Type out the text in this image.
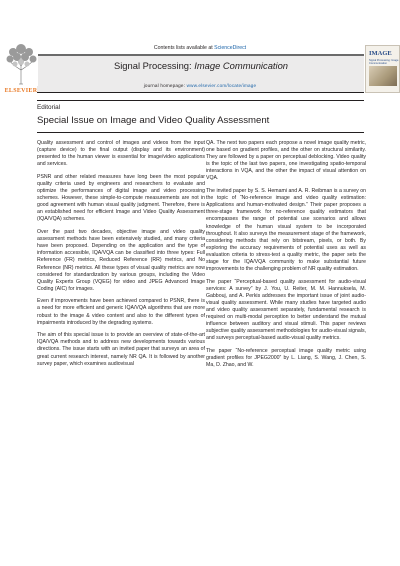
Contents lists available at ScienceDirect
Signal Processing: Image Communication
journal homepage: www.elsevier.com/locate/image
ELSEVIER
IMAGE
Signal Processing: Image Communication
Editorial
Special Issue on Image and Video Quality Assessment

Quality assessment and control of images and videos from the input (capture device) to the final output (display and its environment) presented to the human viewer is essential for image/video applications and services.

PSNR and other related measures have long been the most popular quality criteria used by engineers and researchers to evaluate and optimize the performances of digital image and video processing schemes. However, these simple-to-compute measurements are not in good agreement with human visual quality judgment. Therefore, there is an established need for efficient Image and Video Quality Assessment (IQA/VQA) schemes.

Over the past two decades, objective image and video quality assessment methods have been extensively studied, and many criteria have been proposed. Depending on the application and the type of information accessible, IQA/VQA can be classified into three types: Full Reference (FR) metrics, Reduced Reference (RR) metrics, and No Reference (NR) metrics. All these types of visual quality metrics are now considered for standardization by various groups, including the Video Quality Experts Group (VQEG) for video and JPEG Advanced Image Coding (AIC) for images.

Even if improvements have been achieved compared to PSNR, there is a need for more efficient and generic IQA/VQA algorithms that are more robust to the image & video content and also to the different types of impairments introduced by the degrading systems.

The aim of this special issue is to provide an overview of state-of-the-art IQA/VQA methods and to address new developments towards various directions. The issue starts with an invited paper that surveys an area of great current research interest, namely NR QA. It is followed by another survey paper, which examines audiovisual

QA. The next two papers each propose a novel image quality metric, one based on gradient profiles, and the other on structural similarity. They are followed by a paper on perceptual deblocking. Video quality is the topic of the last two papers, one investigating spatio-temporal interactions in VQA, and the other the impact of visual attention on VQA.

The invited paper by S. S. Hemami and A. R. Reibman is a survey on the topic of “No-reference image and video quality estimation: Applications and human-motivated design.” Their paper proposes a three-stage framework for no-reference quality estimators that encompasses the range of potential use scenarios and allows knowledge of the human visual system to be incorporated throughout. It also surveys the measurement stage of the framework, considering methods that rely on bitstream, pixels, or both. By exploring the accuracy requirements of potential uses as well as evaluation criteria to stress-test a quality metric, the paper sets the stage for the IQA/VQA community to make substantial future improvements to the challenging problem of NR quality estimation.

The paper “Perceptual-based quality assessment for audio-visual services: A survey” by J. You, U. Reiter, M. M. Hannuksela, M. Gabbouj, and A. Perkis addresses the important issue of joint audio-visual quality assessment. While many studies have targeted audio and video quality assessment separately, fundamental research is required on multi-modal perception to better understand the mutual influence between auditory and visual stimuli. This paper reviews subjective quality assessment methodologies for audio-visual signals, and surveys perceptual-based audio-visual quality metrics.

The paper “No-reference perceptual image quality metric using gradient profiles for JPEG2000” by L. Liang, S. Wang, J. Chen, S. Ma, D. Zhao, and W.
